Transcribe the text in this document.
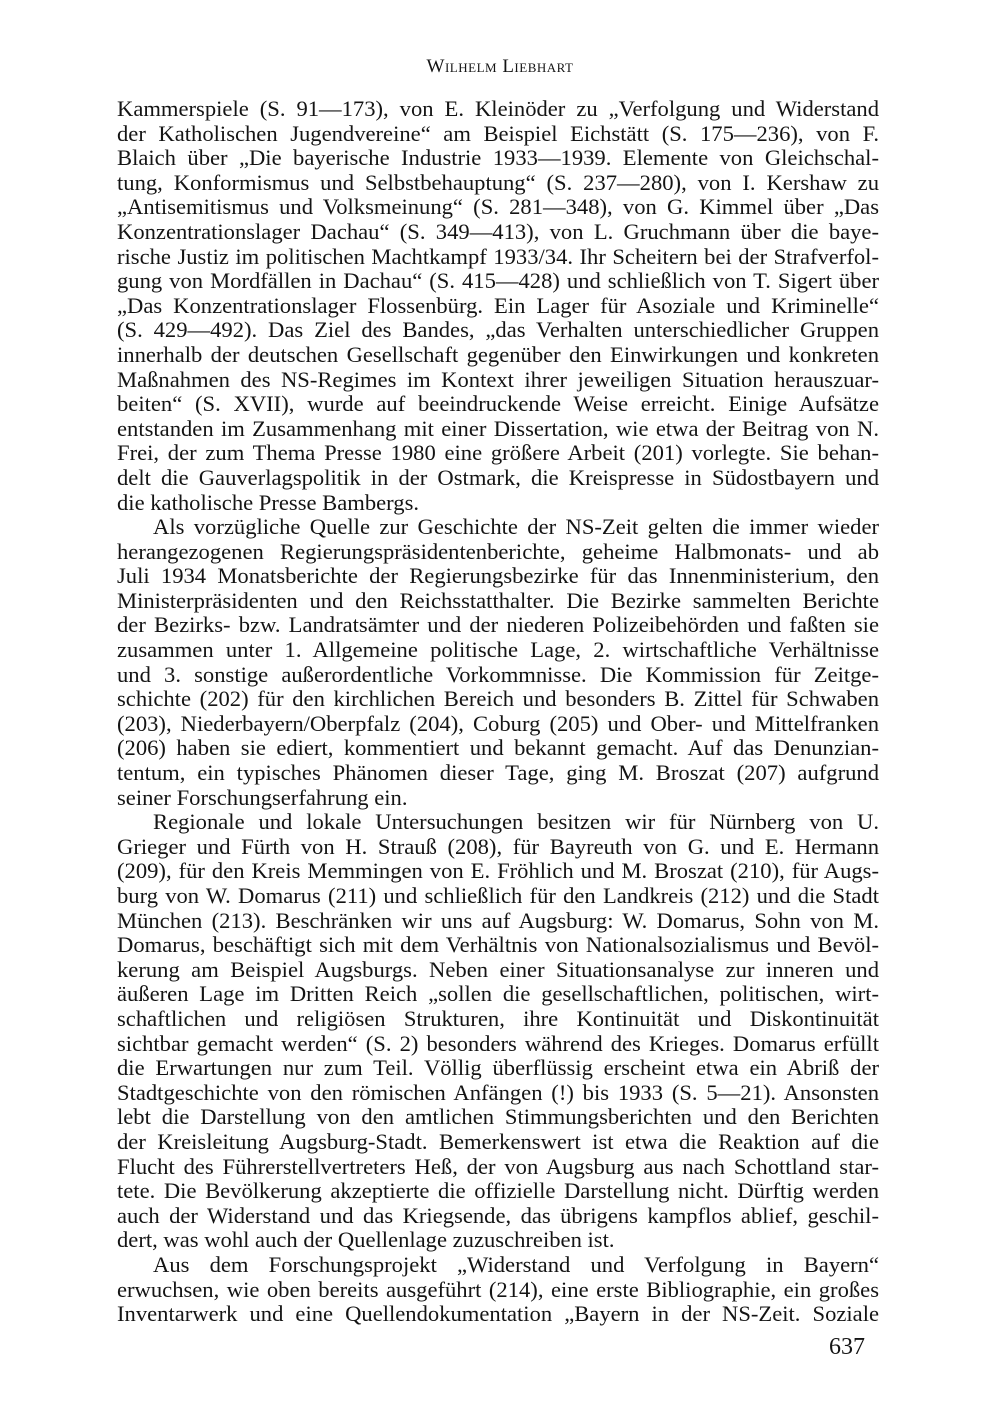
Wilhelm Liebhart
Kammerspiele (S. 91—173), von E. Kleinöder zu „Verfolgung und Widerstand
der Katholischen Jugendvereine“ am Beispiel Eichstätt (S. 175—236), von F.
Blaich über „Die bayerische Industrie 1933—1939. Elemente von Gleichschal-
tung, Konformismus und Selbstbehauptung“ (S. 237—280), von I. Kershaw zu
„Antisemitismus und Volksmeinung“ (S. 281—348), von G. Kimmel über „Das
Konzentrationslager Dachau“ (S. 349—413), von L. Gruchmann über die baye-
rische Justiz im politischen Machtkampf 1933/34. Ihr Scheitern bei der Strafverfol-
gung von Mordfällen in Dachau“ (S. 415—428) und schließlich von T. Sigert über
„Das Konzentrationslager Flossenbürg. Ein Lager für Asoziale und Kriminelle“
(S. 429—492). Das Ziel des Bandes, „das Verhalten unterschiedlicher Gruppen
innerhalb der deutschen Gesellschaft gegenüber den Einwirkungen und konkreten
Maßnahmen des NS-Regimes im Kontext ihrer jeweiligen Situation herauszuar-
beiten“ (S. XVII), wurde auf beeindruckende Weise erreicht. Einige Aufsätze
entstanden im Zusammenhang mit einer Dissertation, wie etwa der Beitrag von N.
Frei, der zum Thema Presse 1980 eine größere Arbeit (201) vorlegte. Sie behan-
delt die Gauverlagspolitik in der Ostmark, die Kreispresse in Südostbayern und
die katholische Presse Bambergs.
Als vorzügliche Quelle zur Geschichte der NS-Zeit gelten die immer wieder
herangezogenen Regierungspräsidentenberichte, geheime Halbmonats- und ab
Juli 1934 Monatsberichte der Regierungsbezirke für das Innenministerium, den
Ministerpräsidenten und den Reichsstatthalter. Die Bezirke sammelten Berichte
der Bezirks- bzw. Landratsämter und der niederen Polizeibehörden und faßten sie
zusammen unter 1. Allgemeine politische Lage, 2. wirtschaftliche Verhältnisse
und 3. sonstige außerordentliche Vorkommnisse. Die Kommission für Zeitge-
schichte (202) für den kirchlichen Bereich und besonders B. Zittel für Schwaben
(203), Niederbayern/Oberpfalz (204), Coburg (205) und Ober- und Mittelfranken
(206) haben sie ediert, kommentiert und bekannt gemacht. Auf das Denunzian-
tentum, ein typisches Phänomen dieser Tage, ging M. Broszat (207) aufgrund
seiner Forschungserfahrung ein.
Regionale und lokale Untersuchungen besitzen wir für Nürnberg von U.
Grieger und Fürth von H. Strauß (208), für Bayreuth von G. und E. Hermann
(209), für den Kreis Memmingen von E. Fröhlich und M. Broszat (210), für Augs-
burg von W. Domarus (211) und schließlich für den Landkreis (212) und die Stadt
München (213). Beschränken wir uns auf Augsburg: W. Domarus, Sohn von M.
Domarus, beschäftigt sich mit dem Verhältnis von Nationalsozialismus und Bevöl-
kerung am Beispiel Augsburgs. Neben einer Situationsanalyse zur inneren und
äußeren Lage im Dritten Reich „sollen die gesellschaftlichen, politischen, wirt-
schaftlichen und religiösen Strukturen, ihre Kontinuität und Diskontinuität
sichtbar gemacht werden“ (S. 2) besonders während des Krieges. Domarus erfüllt
die Erwartungen nur zum Teil. Völlig überflüssig erscheint etwa ein Abriß der
Stadtgeschichte von den römischen Anfängen (!) bis 1933 (S. 5—21). Ansonsten
lebt die Darstellung von den amtlichen Stimmungsberichten und den Berichten
der Kreisleitung Augsburg-Stadt. Bemerkenswert ist etwa die Reaktion auf die
Flucht des Führerstellvertreters Heß, der von Augsburg aus nach Schottland star-
tete. Die Bevölkerung akzeptierte die offizielle Darstellung nicht. Dürftig werden
auch der Widerstand und das Kriegsende, das übrigens kampflos ablief, geschil-
dert, was wohl auch der Quellenlage zuzuschreiben ist.
Aus dem Forschungsprojekt „Widerstand und Verfolgung in Bayern“
erwuchsen, wie oben bereits ausgeführt (214), eine erste Bibliographie, ein großes
Inventarwerk und eine Quellendokumentation „Bayern in der NS-Zeit. Soziale
637
